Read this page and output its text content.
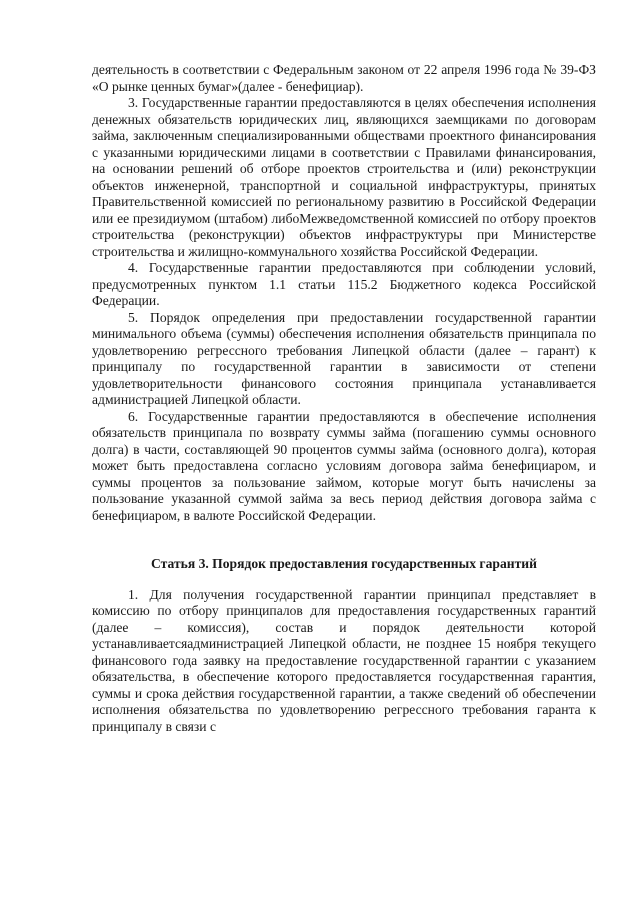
деятельность в соответствии с Федеральным законом от 22 апреля 1996 года № 39-ФЗ «О рынке ценных бумаг»(далее - бенефициар).

3. Государственные гарантии предоставляются в целях обеспечения исполнения денежных обязательств юридических лиц, являющихся заемщиками по договорам займа, заключенным специализированными обществами проектного финансирования с указанными юридическими лицами в соответствии с Правилами финансирования, на основании решений об отборе проектов строительства и (или) реконструкции объектов инженерной, транспортной и социальной инфраструктуры, принятых Правительственной комиссией по региональному развитию в Российской Федерации или ее президиумом (штабом) либоМежведомственной комиссией по отбору проектов строительства (реконструкции) объектов инфраструктуры при Министерстве строительства и жилищно-коммунального хозяйства Российской Федерации.

4. Государственные гарантии предоставляются при соблюдении условий, предусмотренных пунктом 1.1 статьи 115.2 Бюджетного кодекса Российской Федерации.

5. Порядок определения при предоставлении государственной гарантии минимального объема (суммы) обеспечения исполнения обязательств принципала по удовлетворению регрессного требования Липецкой области (далее – гарант) к принципалу по государственной гарантии в зависимости от степени удовлетворительности финансового состояния принципала устанавливается администрацией Липецкой области.

6. Государственные гарантии предоставляются в обеспечение исполнения обязательств принципала по возврату суммы займа (погашению суммы основного долга) в части, составляющей 90 процентов суммы займа (основного долга), которая может быть предоставлена согласно условиям договора займа бенефициаром, и суммы процентов за пользование займом, которые могут быть начислены за пользование указанной суммой займа за весь период действия договора займа с бенефициаром, в валюте Российской Федерации.

Статья 3. Порядок предоставления государственных гарантий

1. Для получения государственной гарантии принципал представляет в комиссию по отбору принципалов для предоставления государственных гарантий (далее – комиссия), состав и порядок деятельности которой устанавливаетсяадминистрацией Липецкой области, не позднее 15 ноября текущего финансового года заявку на предоставление государственной гарантии с указанием обязательства, в обеспечение которого предоставляется государственная гарантия, суммы и срока действия государственной гарантии, а также сведений об обеспечении исполнения обязательства по удовлетворению регрессного требования гаранта к принципалу в связи с
